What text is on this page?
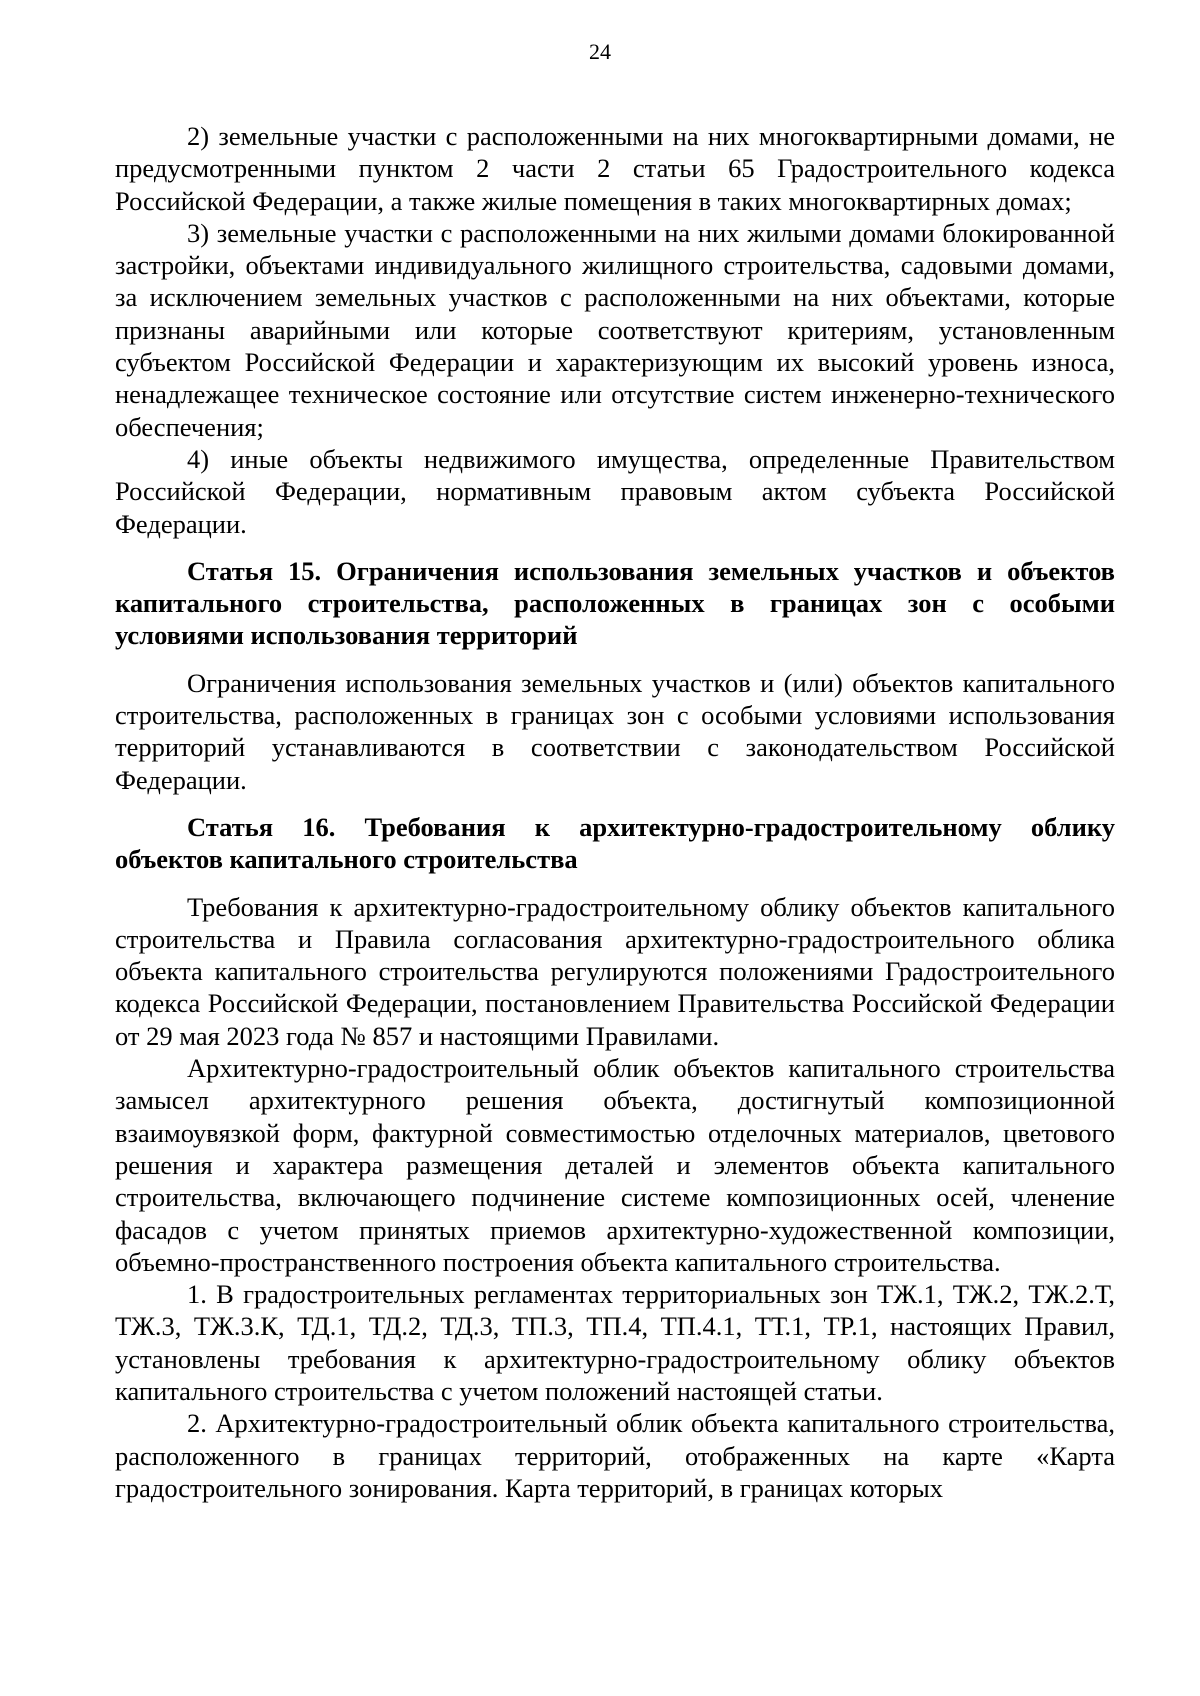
24

2) земельные участки с расположенными на них многоквартирными домами, не предусмотренными пунктом 2 части 2 статьи 65 Градостроительного кодекса Российской Федерации, а также жилые помещения в таких многоквартирных домах;

3) земельные участки с расположенными на них жилыми домами блокированной застройки, объектами индивидуального жилищного строительства, садовыми домами, за исключением земельных участков с расположенными на них объектами, которые признаны аварийными или которые соответствуют критериям, установленным субъектом Российской Федерации и характеризующим их высокий уровень износа, ненадлежащее техническое состояние или отсутствие систем инженерно-технического обеспечения;

4) иные объекты недвижимого имущества, определенные Правительством Российской Федерации, нормативным правовым актом субъекта Российской Федерации.

Статья 15. Ограничения использования земельных участков и объектов капитального строительства, расположенных в границах зон с особыми условиями использования территорий

Ограничения использования земельных участков и (или) объектов капитального строительства, расположенных в границах зон с особыми условиями использования территорий устанавливаются в соответствии с законодательством Российской Федерации.

Статья 16. Требования к архитектурно-градостроительному облику объектов капитального строительства

Требования к архитектурно-градостроительному облику объектов капитального строительства и Правила согласования архитектурно-градостроительного облика объекта капитального строительства регулируются положениями Градостроительного кодекса Российской Федерации, постановлением Правительства Российской Федерации от 29 мая 2023 года № 857 и настоящими Правилами.

Архитектурно-градостроительный облик объектов капитального строительства замысел архитектурного решения объекта, достигнутый композиционной взаимоувязкой форм, фактурной совместимостью отделочных материалов, цветового решения и характера размещения деталей и элементов объекта капитального строительства, включающего подчинение системе композиционных осей, членение фасадов с учетом принятых приемов архитектурно-художественной композиции, объемно-пространственного построения объекта капитального строительства.

1. В градостроительных регламентах территориальных зон ТЖ.1, ТЖ.2, ТЖ.2.Т, ТЖ.3, ТЖ.3.К, ТД.1, ТД.2, ТД.3, ТП.3, ТП.4, ТП.4.1, ТТ.1, ТР.1, настоящих Правил, установлены требования к архитектурно-градостроительному облику объектов капитального строительства с учетом положений настоящей статьи.

2. Архитектурно-градостроительный облик объекта капитального строительства, расположенного в границах территорий, отображенных на карте «Карта градостроительного зонирования. Карта территорий, в границах которых
